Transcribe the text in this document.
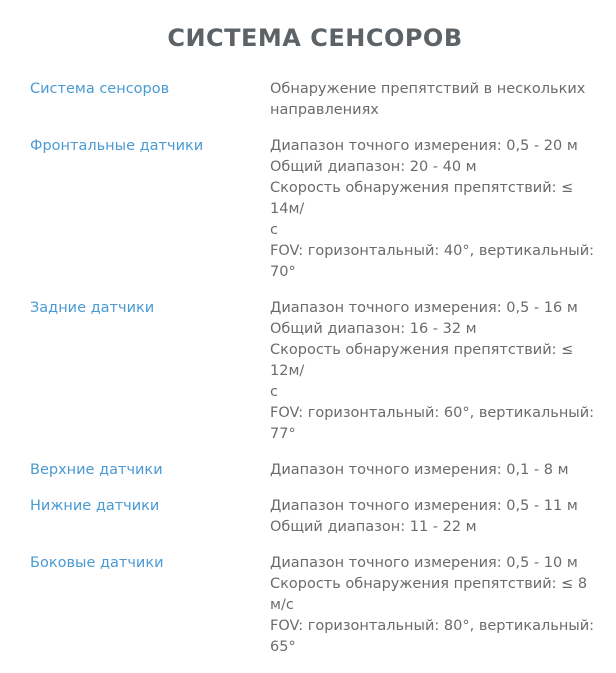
СИСТЕМА СЕНСОРОВ
Система сенсоров	Обнаружение препятствий в нескольких
направлениях
Фронтальные датчики	Диапазон точного измерения: 0,5 - 20 м
Общий диапазон: 20 - 40 м
Скорость обнаружения препятствий: ≤ 14м/
с
FOV: горизонтальный: 40°, вертикальный:
70°
Задние датчики	Диапазон точного измерения: 0,5 - 16 м
Общий диапазон: 16 - 32 м
Скорость обнаружения препятствий: ≤ 12м/
с
FOV: горизонтальный: 60°, вертикальный:
77°
Верхние датчики	Диапазон точного измерения: 0,1 - 8 м
Нижние датчики	Диапазон точного измерения: 0,5 - 11 м
Общий диапазон: 11 - 22 м
Боковые датчики	Диапазон точного измерения: 0,5 - 10 м
Скорость обнаружения препятствий: ≤ 8 м/с
FOV: горизонтальный: 80°, вертикальный:
65°
